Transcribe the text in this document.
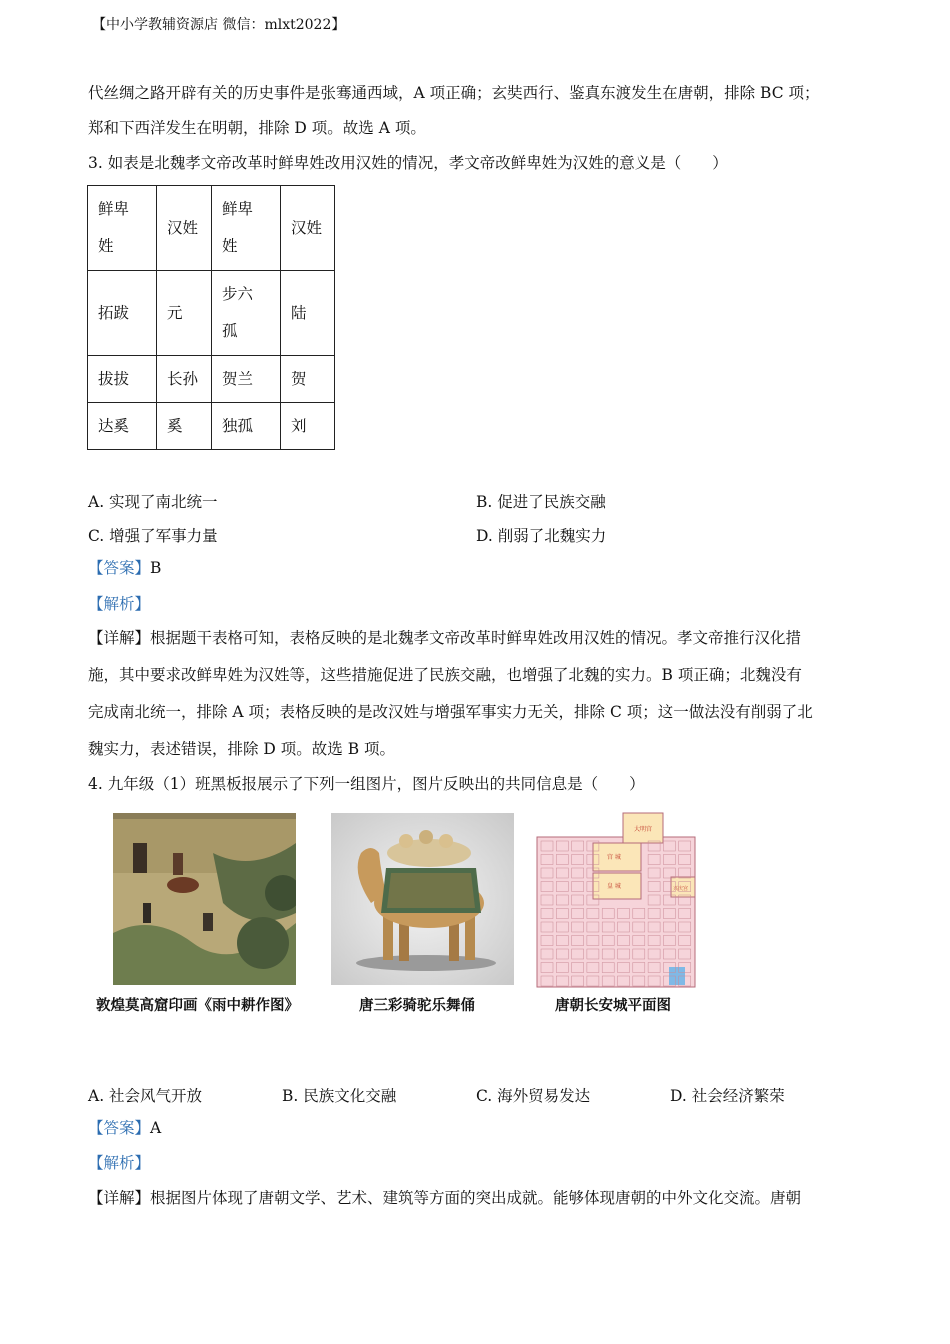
【中小学教辅资源店 微信：mlxt2022】
代丝绸之路开辟有关的历史事件是张骞通西域，A 项正确；玄奘西行、鉴真东渡发生在唐朝，排除 BC 项；
郑和下西洋发生在明朝，排除 D 项。故选 A 项。
3. 如表是北魏孝文帝改革时鲜卑姓改用汉姓的情况，孝文帝改鲜卑姓为汉姓的意义是（　　）
鲜卑姓	汉姓	鲜卑姓	汉姓
拓跋	元	步六孤	陆
拔拔	长孙	贺兰	贺
达奚	奚	独孤	刘
A. 实现了南北统一	B. 促进了民族交融
C. 增强了军事力量	D. 削弱了北魏实力
【答案】B
【解析】
【详解】根据题干表格可知，表格反映的是北魏孝文帝改革时鲜卑姓改用汉姓的情况。孝文帝推行汉化措
施，其中要求改鲜卑姓为汉姓等，这些措施促进了民族交融，也增强了北魏的实力。B 项正确；北魏没有
完成南北统一，排除 A 项；表格反映的是改汉姓与增强军事实力无关，排除 C 项；这一做法没有削弱了北
魏实力，表述错误，排除 D 项。故选 B 项。
4. 九年级（1）班黑板报展示了下列一组图片，图片反映出的共同信息是（　　）
大明宫
宫 城
皇 城	兴庆宫
敦煌莫高窟印画《雨中耕作图》	唐三彩骑驼乐舞俑	唐朝长安城平面图
A. 社会风气开放	B. 民族文化交融	C. 海外贸易发达	D. 社会经济繁荣
【答案】A
【解析】
【详解】根据图片体现了唐朝文学、艺术、建筑等方面的突出成就。能够体现唐朝的中外文化交流。唐朝
